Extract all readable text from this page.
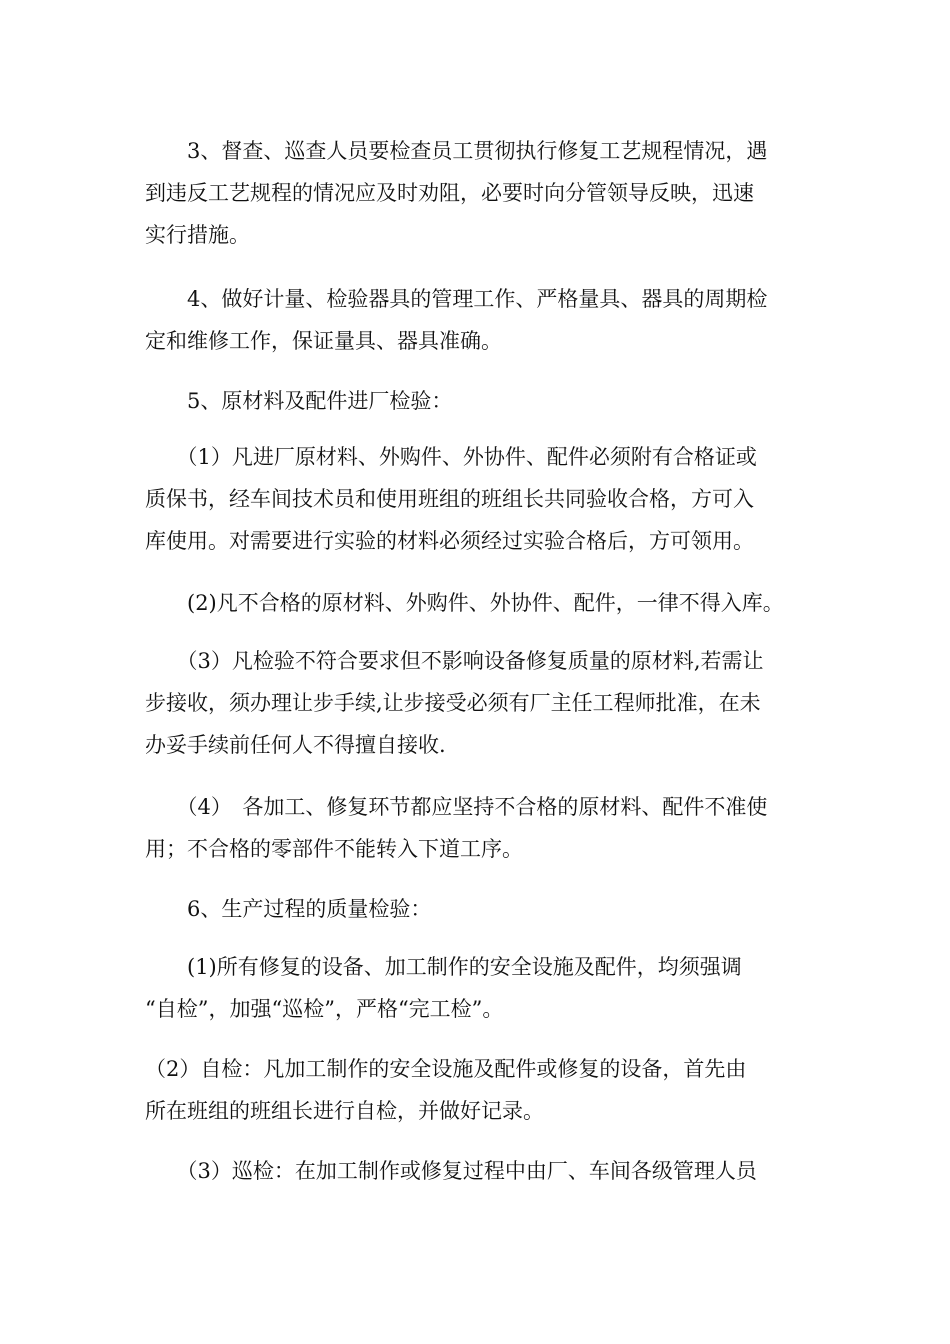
　　3、督查、巡查人员要检查员工贯彻执行修复工艺规程情况，遇
到违反工艺规程的情况应及时劝阻，必要时向分管领导反映，迅速
实行措施。
　　4、做好计量、检验器具的管理工作、严格量具、器具的周期检
定和维修工作，保证量具、器具准确。
　　5、原材料及配件进厂检验：
　　（1）凡进厂原材料、外购件、外协件、配件必须附有合格证或
质保书，经车间技术员和使用班组的班组长共同验收合格，方可入
库使用。对需要进行实验的材料必须经过实验合格后，方可领用。
　　(2)凡不合格的原材料、外购件、外协件、配件，一律不得入库。
　　（3）凡检验不符合要求但不影响设备修复质量的原材料,若需让
步接收，须办理让步手续,让步接受必须有厂主任工程师批准，在未
办妥手续前任何人不得擅自接收.
　　（4）　各加工、修复环节都应坚持不合格的原材料、配件不准使
用；不合格的零部件不能转入下道工序。
　　6、生产过程的质量检验：
　　(1)所有修复的设备、加工制作的安全设施及配件，均须强调
“自检”，加强“巡检”，严格“完工检”。
（2）自检：凡加工制作的安全设施及配件或修复的设备，首先由
所在班组的班组长进行自检，并做好记录。
　　（3）巡检：在加工制作或修复过程中由厂、车间各级管理人员
